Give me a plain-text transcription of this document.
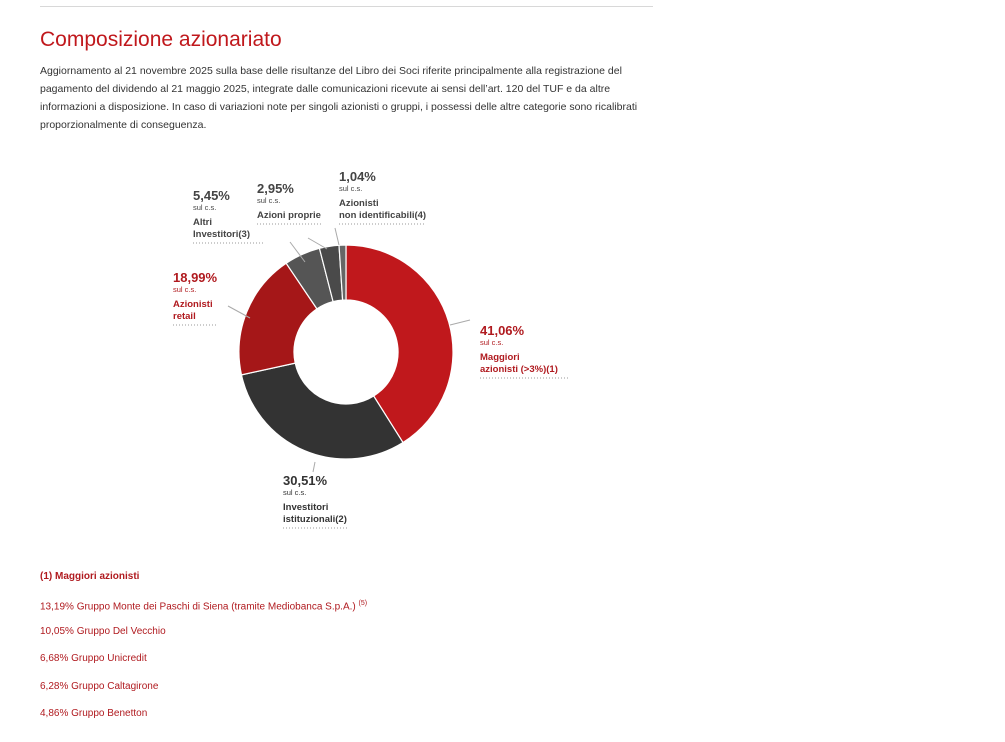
Composizione azionariato

Aggiornamento al 21 novembre 2025 sulla base delle risultanze del Libro dei Soci riferite principalmente alla registrazione del pagamento del dividendo al 21 maggio 2025, integrate dalle comunicazioni ricevute ai sensi dell’art. 120 del TUF e da altre informazioni a disposizione. In caso di variazioni note per singoli azionisti o gruppi, i possessi delle altre categorie sono ricalibrati proporzionalmente di conseguenza.

41,06%
sul c.s.
Maggiori
azionisti (>3%)(1)
30,51%
sul c.s.
Investitori
istituzionali(2)
18,99%
sul c.s.
Azionisti
retail
5,45%
sul c.s.
Altri
Investitori(3)
2,95%
sul c.s.
Azioni proprie
1,04%
sul c.s.
Azionisti
non identificabili(4)
(1) Maggiori azionisti
13,19% Gruppo Monte dei Paschi di Siena (tramite Mediobanca S.p.A.) $^{(5)}$
10,05% Gruppo Del Vecchio
6,68% Gruppo Unicredit
6,28% Gruppo Caltagirone
4,86% Gruppo Benetton
